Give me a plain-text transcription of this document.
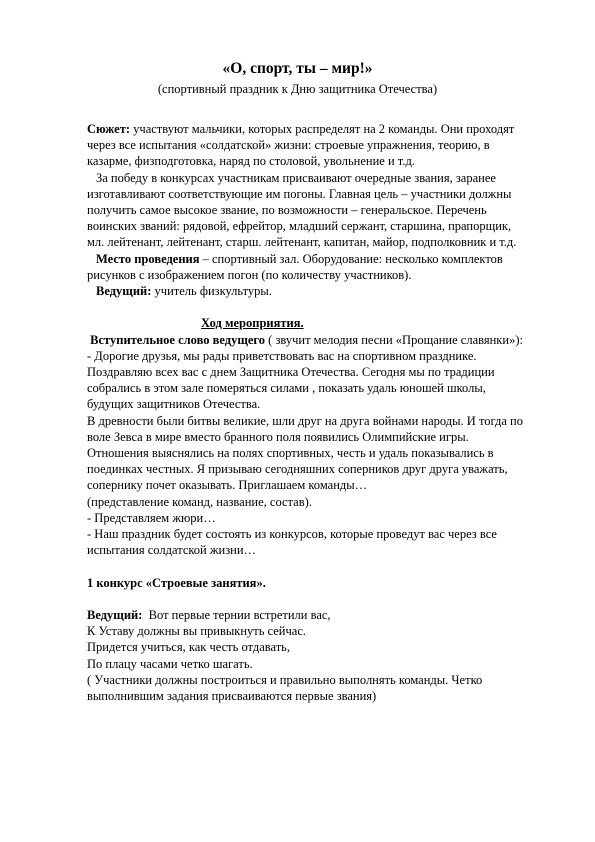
«О, спорт, ты – мир!»

(спортивный праздник к Дню защитника Отечества)

Сюжет: участвуют мальчики, которых распределят на 2 команды. Они проходят через все испытания «солдатской» жизни: строевые упражнения, теорию, в казарме, физподготовка, наряд по столовой, увольнение и т.д.

За победу в конкурсах участникам присваивают очередные звания, заранее изготавливают соответствующие им погоны. Главная цель – участники должны получить самое высокое звание, по возможности – генеральское. Перечень воинских званий: рядовой, ефрейтор, младший сержант, старшина, прапорщик, мл. лейтенант, лейтенант, старш. лейтенант, капитан, майор, подполковник и т.д.

Место проведения – спортивный зал. Оборудование: несколько комплектов рисунков с изображением погон (по количеству участников).

Ведущий: учитель физкультуры.

Ход мероприятия.

Вступительное слово ведущего ( звучит мелодия песни «Прощание славянки»):

- Дорогие друзья, мы рады приветствовать вас на спортивном празднике. Поздравляю всех вас с днем Защитника Отечества. Сегодня мы по традиции собрались в этом зале померяться силами , показать удаль юношей школы, будущих защитников Отечества.

В древности были битвы великие, шли друг на друга войнами народы. И тогда по воле Зевса в мире вместо бранного поля появились Олимпийские игры. Отношения выяснялись на полях спортивных, честь и удаль показывались в поединках честных. Я призываю сегодняшних соперников друг друга уважать, сопернику почет оказывать. Приглашаем команды…

(представление команд, название, состав).

- Представляем жюри…

- Наш праздник будет состоять из конкурсов, которые проведут вас через все испытания солдатской жизни…

1 конкурс «Строевые занятия».

Ведущий:  Вот первые тернии встретили вас,

К Уставу должны вы привыкнуть сейчас.

Придется учиться, как честь отдавать,

По плацу часами четко шагать.

( Участники должны построиться и правильно выполнять команды. Четко выполнившим задания присваиваются первые звания)
